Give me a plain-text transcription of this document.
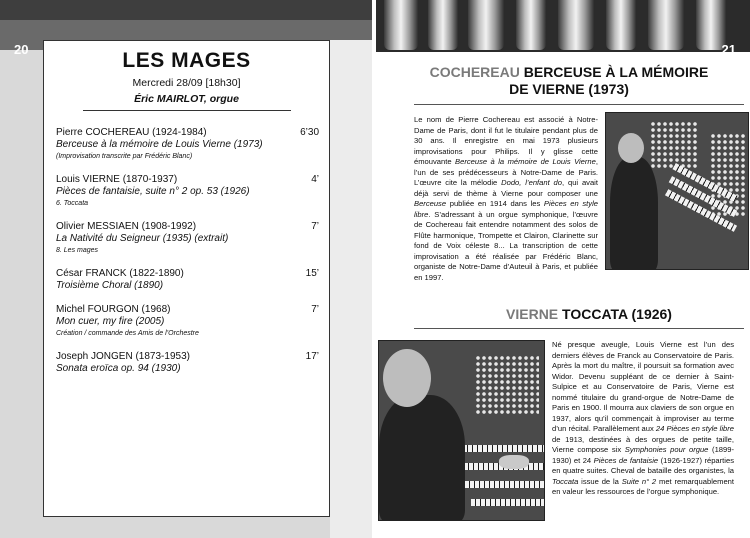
20	LES MAGES
Mercredi 28/09 [18h30]
Éric MAIRLOT, orgue
Pierre COCHEREAU (1924-1984)
Berceuse à la mémoire de Louis Vierne (1973)
(Improvisation transcrite par Frédéric Blanc)
6’30
Louis VIERNE (1870-1937)
Pièces de fantaisie, suite n° 2 op. 53 (1926)
6. Toccata
4’
Olivier MESSIAEN (1908-1992)
La Nativité du Seigneur (1935) (extrait)
8. Les mages
7’
César FRANCK (1822-1890)
Troisième Choral (1890)
15’
Michel FOURGON (1968)
Mon cuer, my fire (2005)
Création / commande des Amis de l’Orchestre
7’
Joseph JONGEN (1873-1953)
Sonata eroïca op. 94 (1930)
17’
21
COCHEREAU BERCEUSE À LA MÉMOIRE DE VIERNE (1973)
Le nom de Pierre Cochereau est associé à Notre-Dame de Paris, dont il fut le titulaire pendant plus de 30 ans. Il enregistre en mai 1973 plusieurs improvisations pour Philips. Il y glisse cette émouvante Berceuse à la mémoire de Louis Vierne, l’un de ses prédécesseurs à Notre-Dame de Paris. L’œuvre cite la mélodie Dodo, l’enfant do, qui avait déjà servi de thème à Vierne pour composer une Berceuse publiée en 1914 dans les Pièces en style libre. S’adressant à un orgue symphonique, l’œuvre de Cochereau fait entendre notamment des solos de Flûte harmonique, Trompette et Clairon, Clarinette sur fond de Voix céleste 8... La transcription de cette improvisation a été réalisée par Frédéric Blanc, organiste de Notre-Dame d’Auteuil à Paris, et publiée en 1997.
VIERNE TOCCATA (1926)
Né presque aveugle, Louis Vierne est l’un des derniers élèves de Franck au Conservatoire de Paris. Après la mort du maître, il poursuit sa formation avec Widor. Devenu suppléant de ce dernier à Saint-Sulpice et au Conservatoire de Paris, Vierne est nommé titulaire du grand-orgue de Notre-Dame de Paris en 1900. Il mourra aux claviers de son orgue en 1937, alors qu’il commençait à improviser au terme d’un récital. Parallèlement aux 24 Pièces en style libre de 1913, destinées à des orgues de petite taille, Vierne compose six Symphonies pour orgue (1899-1930) et 24 Pièces de fantaisie (1926-1927) réparties en quatre suites. Cheval de bataille des organistes, la Toccata issue de la Suite n° 2 met remarquablement en valeur les ressources de l’orgue symphonique.
